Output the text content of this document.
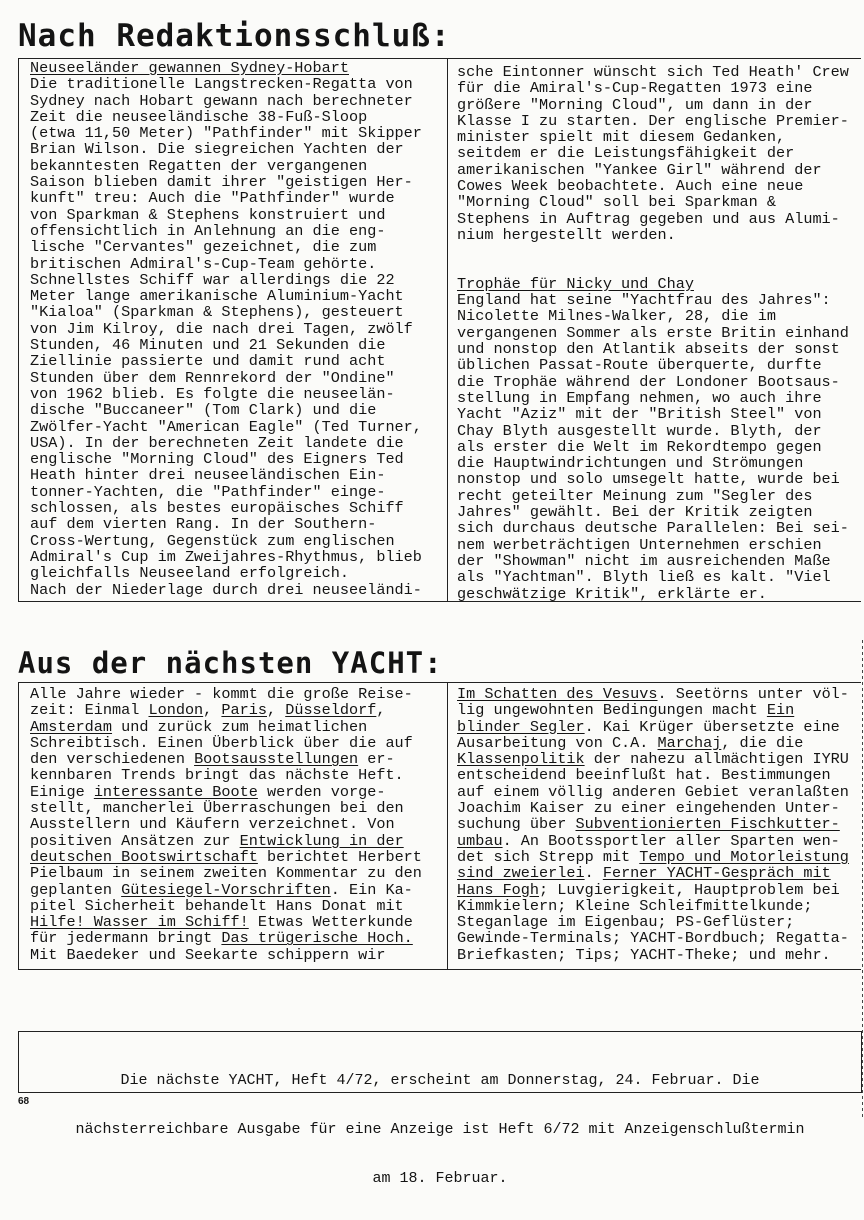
Nach Redaktionsschluß:
Neuseeländer gewannen Sydney-Hobart
Die traditionelle Langstrecken-Regatta von
Sydney nach Hobart gewann nach berechneter
Zeit die neuseeländische 38-Fuß-Sloop
(etwa 11,50 Meter) "Pathfinder" mit Skipper
Brian Wilson. Die siegreichen Yachten der
bekanntesten Regatten der vergangenen
Saison blieben damit ihrer "geistigen Her-
kunft" treu: Auch die "Pathfinder" wurde
von Sparkman & Stephens konstruiert und
offensichtlich in Anlehnung an die eng-
lische "Cervantes" gezeichnet, die zum
britischen Admiral's-Cup-Team gehörte.
Schnellstes Schiff war allerdings die 22
Meter lange amerikanische Aluminium-Yacht
"Kialoa" (Sparkman & Stephens), gesteuert
von Jim Kilroy, die nach drei Tagen, zwölf
Stunden, 46 Minuten und 21 Sekunden die
Ziellinie passierte und damit rund acht
Stunden über dem Rennrekord der "Ondine"
von 1962 blieb. Es folgte die neuseelän-
dische "Buccaneer" (Tom Clark) und die
Zwölfer-Yacht "American Eagle" (Ted Turner,
USA). In der berechneten Zeit landete die
englische "Morning Cloud" des Eigners Ted
Heath hinter drei neuseeländischen Ein-
tonner-Yachten, die "Pathfinder" einge-
schlossen, als bestes europäisches Schiff
auf dem vierten Rang. In der Southern-
Cross-Wertung, Gegenstück zum englischen
Admiral's Cup im Zweijahres-Rhythmus, blieb
gleichfalls Neuseeland erfolgreich.
Nach der Niederlage durch drei neuseeländi-
sche Eintonner wünscht sich Ted Heath' Crew
für die Amiral's-Cup-Regatten 1973 eine
größere "Morning Cloud", um dann in der
Klasse I zu starten. Der englische Premier-
minister spielt mit diesem Gedanken,
seitdem er die Leistungsfähigkeit der
amerikanischen "Yankee Girl" während der
Cowes Week beobachtete. Auch eine neue
"Morning Cloud" soll bei Sparkman &
Stephens in Auftrag gegeben und aus Alumi-
nium hergestellt werden.
Trophäe für Nicky und Chay
England hat seine "Yachtfrau des Jahres":
Nicolette Milnes-Walker, 28, die im
vergangenen Sommer als erste Britin einhand
und nonstop den Atlantik abseits der sonst
üblichen Passat-Route überquerte, durfte
die Trophäe während der Londoner Bootsaus-
stellung in Empfang nehmen, wo auch ihre
Yacht "Aziz" mit der "British Steel" von
Chay Blyth ausgestellt wurde. Blyth, der
als erster die Welt im Rekordtempo gegen
die Hauptwindrichtungen und Strömungen
nonstop und solo umsegelt hatte, wurde bei
recht geteilter Meinung zum "Segler des
Jahres" gewählt. Bei der Kritik zeigten
sich durchaus deutsche Parallelen: Bei sei-
nem werbeträchtigen Unternehmen erschien
der "Showman" nicht im ausreichenden Maße
als "Yachtman". Blyth ließ es kalt. "Viel
geschwätzige Kritik", erklärte er.
Aus der nächsten YACHT:
Alle Jahre wieder - kommt die große Reise-
zeit: Einmal London, Paris, Düsseldorf,
Amsterdam und zurück zum heimatlichen
Schreibtisch. Einen Überblick über die auf
den verschiedenen Bootsausstellungen er-
kennbaren Trends bringt das nächste Heft.
Einige interessante Boote werden vorge-
stellt, mancherlei Überraschungen bei den
Ausstellern und Käufern verzeichnet. Von
positiven Ansätzen zur Entwicklung in der
deutschen Bootswirtschaft berichtet Herbert
Pielbaum in seinem zweiten Kommentar zu den
geplanten Gütesiegel-Vorschriften. Ein Ka-
pitel Sicherheit behandelt Hans Donat mit
Hilfe! Wasser im Schiff! Etwas Wetterkunde
für jedermann bringt Das trügerische Hoch.
Mit Baedeker und Seekarte schippern wir
Im Schatten des Vesuvs. Seetörns unter völ-
lig ungewohnten Bedingungen macht Ein
blinder Segler. Kai Krüger übersetzte eine
Ausarbeitung von C.A. Marchaj, die die
Klassenpolitik der nahezu allmächtigen IYRU
entscheidend beeinflußt hat. Bestimmungen
auf einem völlig anderen Gebiet veranlaßten
Joachim Kaiser zu einer eingehenden Unter-
suchung über Subventionierten Fischkutter-
umbau. An Bootssportler aller Sparten wen-
det sich Strepp mit Tempo und Motorleistung
sind zweierlei. Ferner YACHT-Gespräch mit
Hans Fogh; Luvgierigkeit, Hauptproblem bei
Kimmkielern; Kleine Schleifmittelkunde;
Steganlage im Eigenbau; PS-Geflüster;
Gewinde-Terminals; YACHT-Bordbuch; Regatta-
Briefkasten; Tips; YACHT-Theke; und mehr.

Die nächste YACHT, Heft 4/72, erscheint am Donnerstag, 24. Februar. Die

nächsterreichbare Ausgabe für eine Anzeige ist Heft 6/72 mit Anzeigenschlußtermin

am 18. Februar.

68
